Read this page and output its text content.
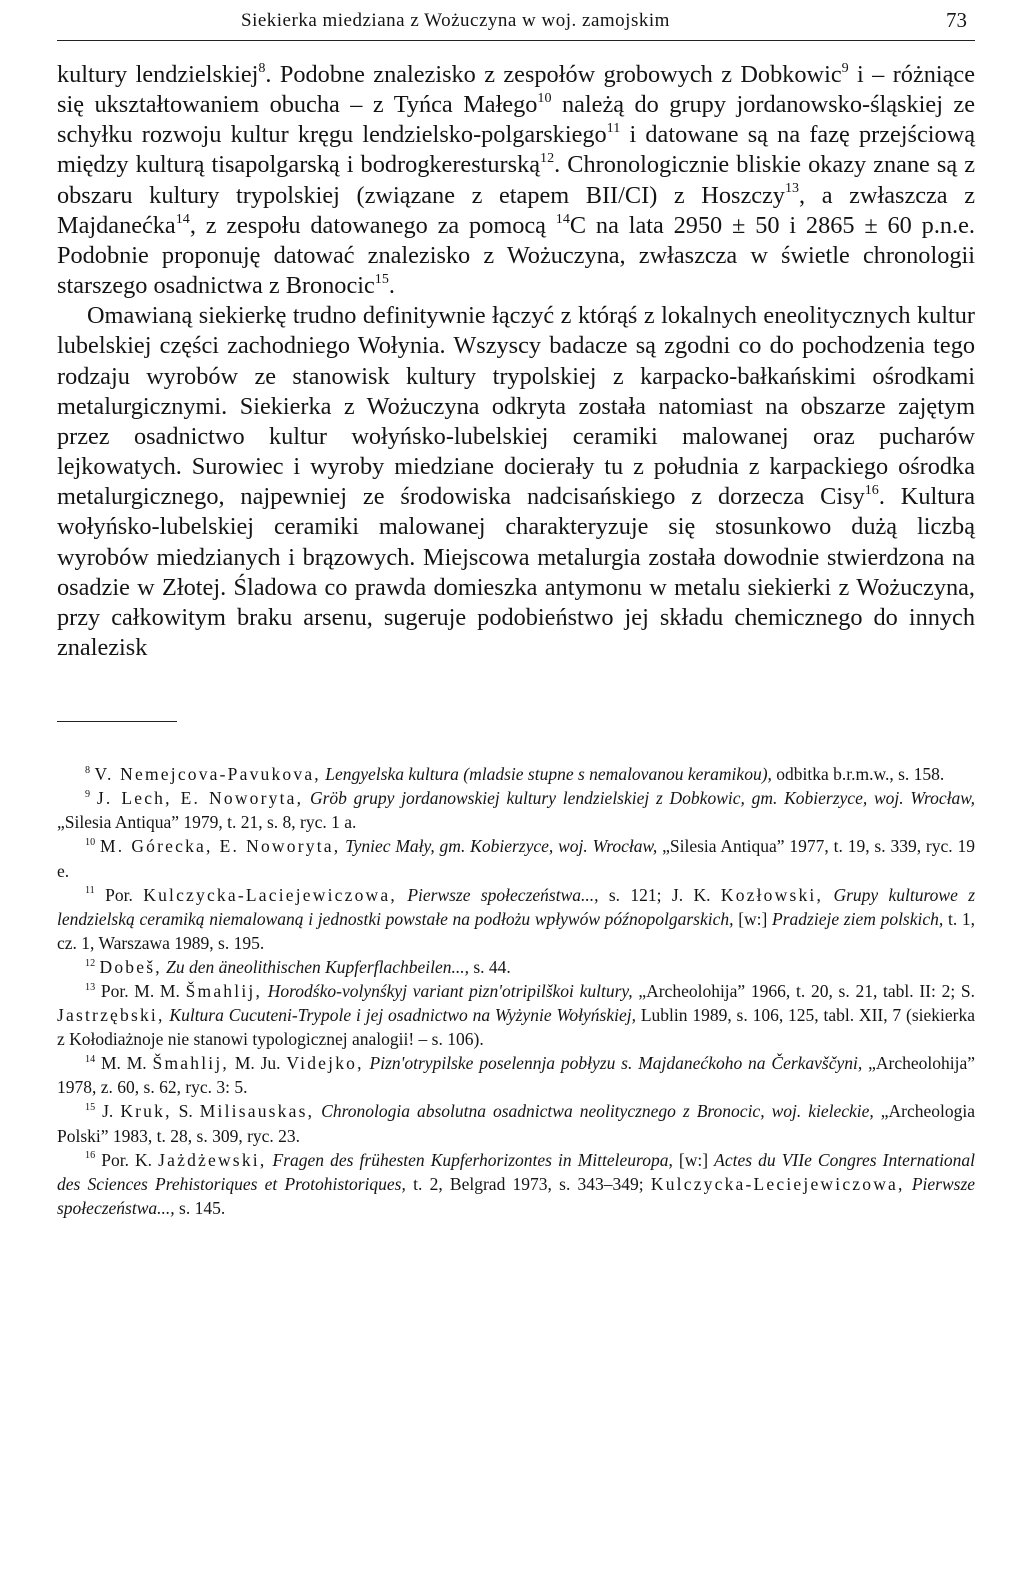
Siekierka miedziana z Wożuczyna w woj. zamojskim	73

kultury lendzielskiej$^8$. Podobne znalezisko z zespołów grobowych z Dobkowic$^9$ i – różniące się ukształtowaniem obucha – z Tyńca Małego$^{10}$ należą do grupy jordanowsko-śląskiej ze schyłku rozwoju kultur kręgu lendzielsko-polgarskiego$^{11}$ i datowane są na fazę przejściową między kulturą tisapolgarską i bodrogkeresturską$^{12}$. Chronologicznie bliskie okazy znane są z obszaru kultury trypolskiej (związane z etapem BII/CI) z Hoszczy$^{13}$, a zwłaszcza z Majdanećka$^{14}$, z zespołu datowanego za pomocą $^{14}$C na lata 2950 ± 50 i 2865 ± 60 p.n.e. Podobnie proponuję datować znalezisko z Wożuczyna, zwłaszcza w świetle chronologii starszego osadnictwa z Bronocic$^{15}$.

Omawianą siekierkę trudno definitywnie łączyć z którąś z lokalnych eneolitycznych kultur lubelskiej części zachodniego Wołynia. Wszyscy badacze są zgodni co do pochodzenia tego rodzaju wyrobów ze stanowisk kultury trypolskiej z karpacko-bałkańskimi ośrodkami metalurgicznymi. Siekierka z Wożuczyna odkryta została natomiast na obszarze zajętym przez osadnictwo kultur wołyńsko-lubelskiej ceramiki malowanej oraz pucharów lejkowatych. Surowiec i wyroby miedziane docierały tu z południa z karpackiego ośrodka metalurgicznego, najpewniej ze środowiska nadcisańskiego z dorzecza Cisy$^{16}$. Kultura wołyńsko-lubelskiej ceramiki malowanej charakteryzuje się stosunkowo dużą liczbą wyrobów miedzianych i brązowych. Miejscowa metalurgia została dowodnie stwierdzona na osadzie w Złotej. Śladowa co prawda domieszka antymonu w metalu siekierki z Wożuczyna, przy całkowitym braku arsenu, sugeruje podobieństwo jej składu chemicznego do innych znalezisk

$^8$ V. Nemejcova-Pavukova, Lengyelska kultura (mladsie stupne s nemalovanou keramikou), odbitka b.r.m.w., s. 158.

$^9$ J. Lech, E. Noworyta, Gröb grupy jordanowskiej kultury lendzielskiej z Dobkowic, gm. Kobierzyce, woj. Wrocław, „Silesia Antiqua” 1979, t. 21, s. 8, ryc. 1 a.

$^{10}$ M. Górecka, E. Noworyta, Tyniec Mały, gm. Kobierzyce, woj. Wrocław, „Silesia Antiqua” 1977, t. 19, s. 339, ryc. 19 e.

$^{11}$ Por. Kulczycka-Laciejewiczowa, Pierwsze społeczeństwa..., s. 121; J. K. Kozłowski, Grupy kulturowe z lendzielską ceramiką niemalowaną i jednostki powstałe na podłożu wpływów późnopolgarskich, [w:] Pradzieje ziem polskich, t. 1, cz. 1, Warszawa 1989, s. 195.

$^{12}$ Dobeš, Zu den äneolithischen Kupferflachbeilen..., s. 44.

$^{13}$ Por. M. M. Šmahlij, Horodśko-volynśkyj variant pizn'otripilškoi kultury, „Archeolohija” 1966, t. 20, s. 21, tabl. II: 2; S. Jastrzębski, Kultura Cucuteni-Trypole i jej osadnictwo na Wyżynie Wołyńskiej, Lublin 1989, s. 106, 125, tabl. XII, 7 (siekierka z Kołodiażnoje nie stanowi typologicznej analogii! – s. 106).

$^{14}$ M. M. Šmahlij, M. Ju. Videjko, Pizn'otrypilske poselennja pobłyzu s. Majdanećkoho na Čerkavščyni, „Archeolohija” 1978, z. 60, s. 62, ryc. 3: 5.

$^{15}$ J. Kruk, S. Milisauskas, Chronologia absolutna osadnictwa neolitycznego z Bronocic, woj. kieleckie, „Archeologia Polski” 1983, t. 28, s. 309, ryc. 23.

$^{16}$ Por. K. Jażdżewski, Fragen des frühesten Kupferhorizontes in Mitteleuropa, [w:] Actes du VIIe Congres International des Sciences Prehistoriques et Protohistoriques, t. 2, Belgrad 1973, s. 343–349; Kulczycka-Leciejewiczowa, Pierwsze społeczeństwa..., s. 145.
